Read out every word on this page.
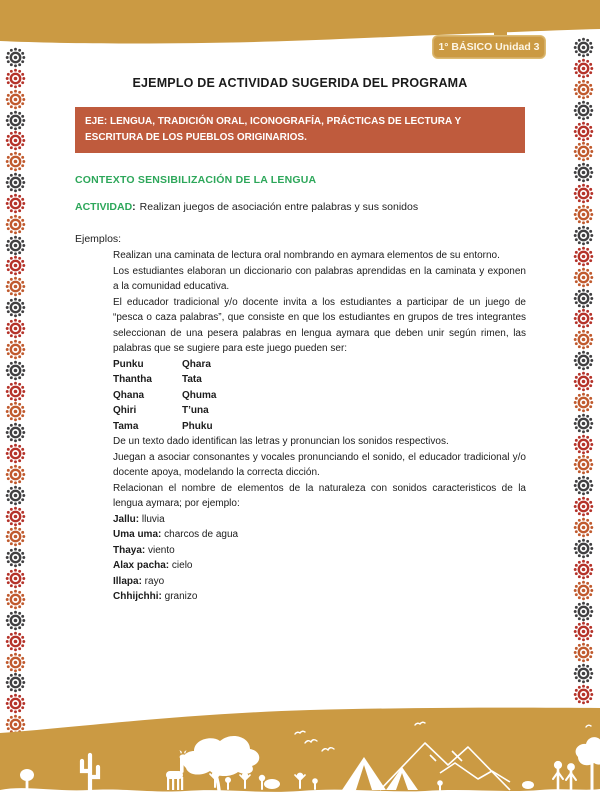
1° BÁSICO Unidad 3
EJEMPLO DE ACTIVIDAD SUGERIDA DEL PROGRAMA
EJE: LENGUA, TRADICIÓN ORAL, ICONOGRAFÍA, PRÁCTICAS DE LECTURA Y ESCRITURA DE LOS PUEBLOS ORIGINARIOS.
CONTEXTO SENSIBILIZACIÓN DE LA LENGUA
ACTIVIDAD: Realizan juegos de asociación entre palabras y sus sonidos
Ejemplos:

Realizan una caminata de lectura oral nombrando en aymara elementos de su entorno.

Los estudiantes elaboran un diccionario con palabras aprendidas en la caminata y exponen a la comunidad educativa.

El educador tradicional y/o docente invita a los estudiantes a participar de un juego de “pesca o caza palabras”, que consiste en que los estudiantes en grupos de tres integrantes seleccionan de una pesera palabras en lengua aymara que deben unir según rimen, las palabras que se sugiere para este juego pueden ser:

Punku	Qhara
Thantha	Tata
Qhana	Qhuma
Qhiri	T’una
Tama	Phuku

De un texto dado identifican las letras y pronuncian los sonidos respectivos.

Juegan a asociar consonantes y vocales pronunciando el sonido, el educador tradicional y/o docente apoya, modelando la correcta dicción.

Relacionan el nombre de elementos de la naturaleza con sonidos caracteristicos de la lengua aymara; por ejemplo:

Jallu: lluvia
Uma uma: charcos de agua
Thaya: viento
Alax pacha: cielo
Illapa: rayo
Chhijchhi: granizo
